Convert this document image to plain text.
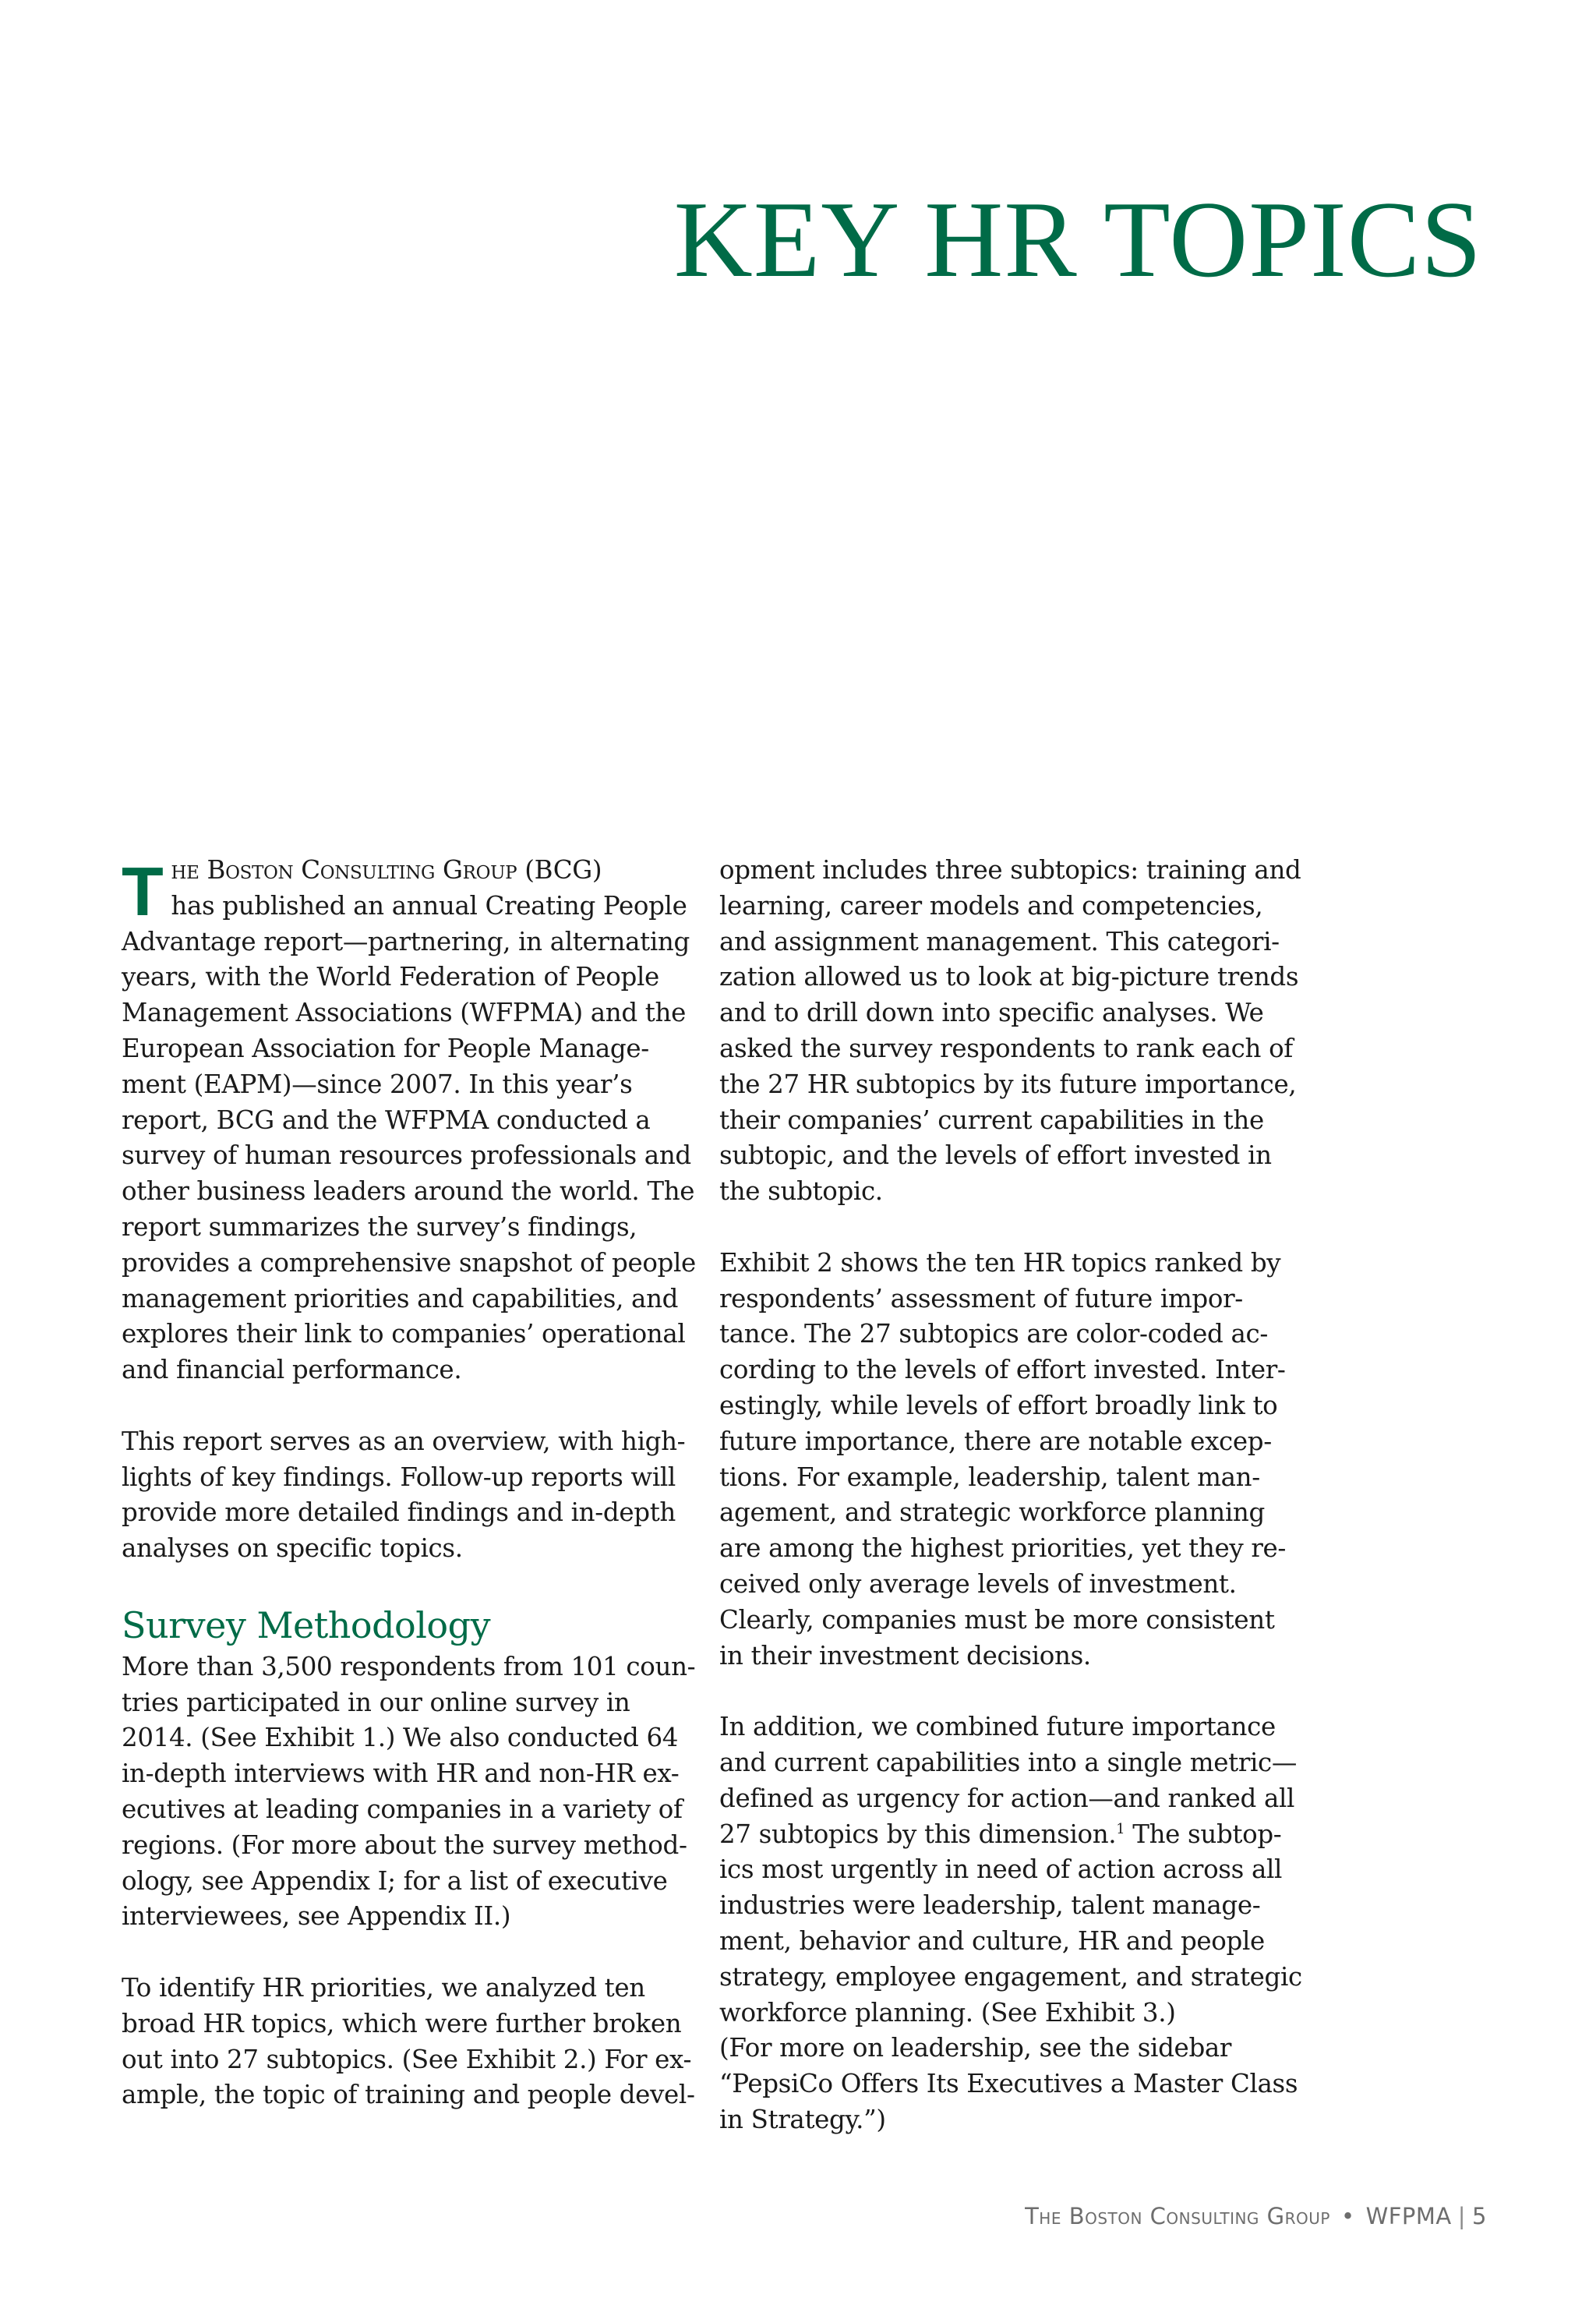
KEY HR TOPICS

T he Boston Consulting Group (BCG)
has published an annual Creating People
Advantage report—partnering, in alternating
years, with the World Federation of People
Management Associations (WFPMA) and the
European Association for People Manage-
ment (EAPM)—since 2007. In this year’s
report, BCG and the WFPMA conducted a
survey of human resources professionals and
other business leaders around the world. The
report summarizes the survey’s findings,
provides a comprehensive snapshot of people
management priorities and capabilities, and
explores their link to companies’ operational
and financial performance.

This report serves as an overview, with high-
lights of key findings. Follow-up reports will
provide more detailed findings and in-depth
analyses on specific topics.

Survey Methodology

More than 3,500 respondents from 101 coun-
tries participated in our online survey in
2014. (See Exhibit 1.) We also conducted 64
in-depth interviews with HR and non-HR ex-
ecutives at leading companies in a variety of
regions. (For more about the survey method-
ology, see Appendix I; for a list of executive
interviewees, see Appendix II.)

To identify HR priorities, we analyzed ten
broad HR topics, which were further broken
out into 27 subtopics. (See Exhibit 2.) For ex-
ample, the topic of training and people devel-

opment includes three subtopics: training and
learning, career models and competencies,
and assignment management. This categori-
zation allowed us to look at big-picture trends
and to drill down into specific analyses. We
asked the survey respondents to rank each of
the 27 HR subtopics by its future importance,
their companies’ current capabilities in the
subtopic, and the levels of effort invested in
the subtopic.

Exhibit 2 shows the ten HR topics ranked by
respondents’ assessment of future impor-
tance. The 27 subtopics are color-coded ac-
cording to the levels of effort invested. Inter-
estingly, while levels of effort broadly link to
future importance, there are notable excep-
tions. For example, leadership, talent man-
agement, and strategic workforce planning
are among the highest priorities, yet they re-
ceived only average levels of investment.
Clearly, companies must be more consistent
in their investment decisions.

In addition, we combined future importance
and current capabilities into a single metric—
defined as urgency for action—and ranked all
27 subtopics by this dimension.$^1$ The subtop-
ics most urgently in need of action across all
industries were leadership, talent manage-
ment, behavior and culture, HR and people
strategy, employee engagement, and strategic
workforce planning. (See Exhibit 3.)
(For more on leadership, see the sidebar
“PepsiCo Offers Its Executives a Master Class
in Strategy.”)

The Boston Consulting Group • WFPMA | 5
